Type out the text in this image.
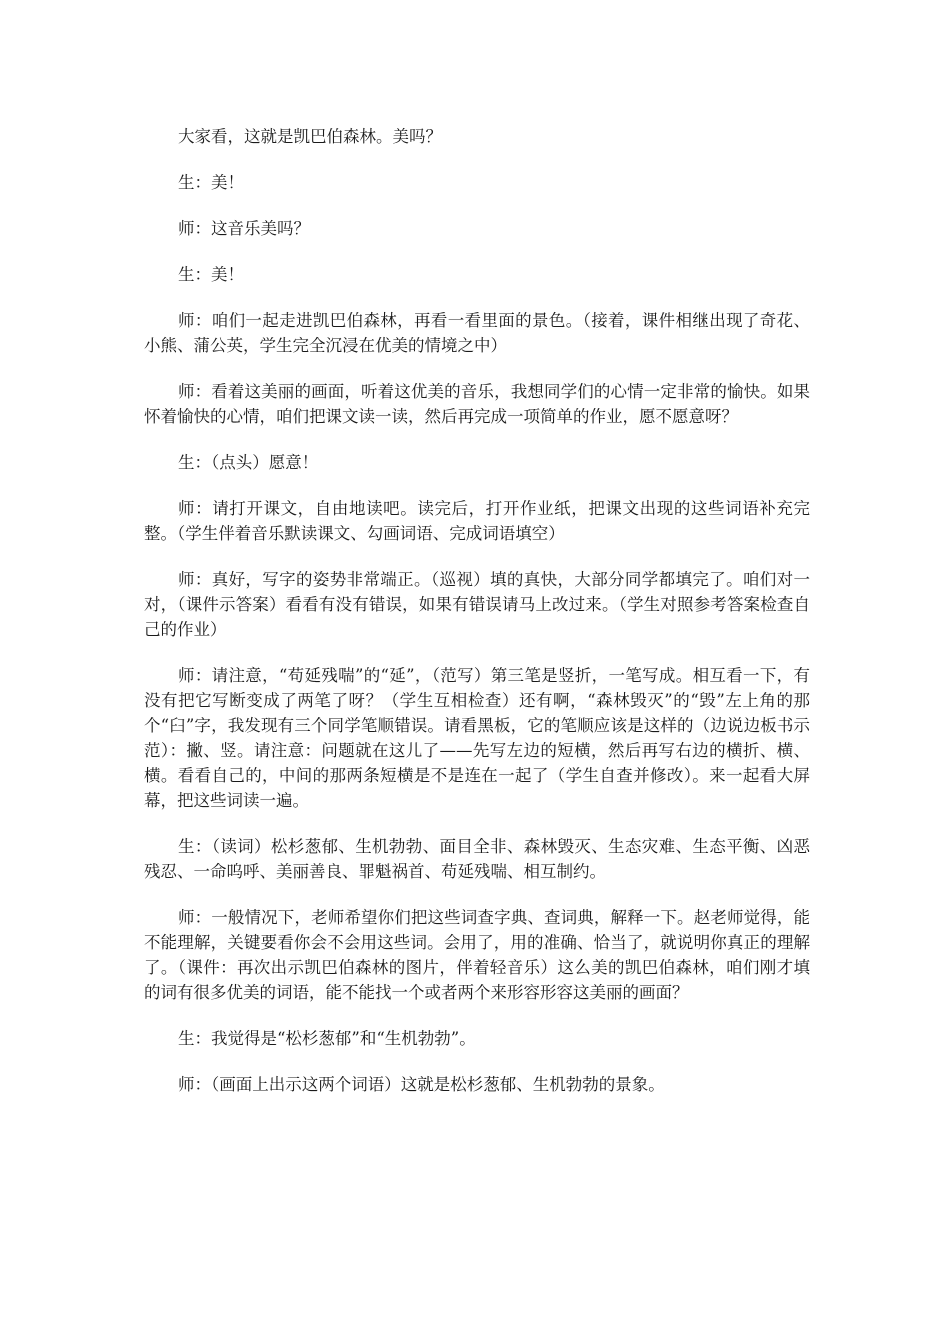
大家看，这就是凯巴伯森林。美吗？

生：美！

师：这音乐美吗？

生：美！

师：咱们一起走进凯巴伯森林，再看一看里面的景色。（接着，课件相继出现了奇花、小熊、蒲公英，学生完全沉浸在优美的情境之中）

师：看着这美丽的画面，听着这优美的音乐，我想同学们的心情一定非常的愉快。如果怀着愉快的心情，咱们把课文读一读，然后再完成一项简单的作业，愿不愿意呀？

生：（点头）愿意！

师：请打开课文，自由地读吧。读完后，打开作业纸，把课文出现的这些词语补充完整。（学生伴着音乐默读课文、勾画词语、完成词语填空）

师：真好，写字的姿势非常端正。（巡视）填的真快，大部分同学都填完了。咱们对一对，（课件示答案）看看有没有错误，如果有错误请马上改过来。（学生对照参考答案检查自己的作业）

师：请注意，“苟延残喘”的“延”，（范写）第三笔是竖折，一笔写成。相互看一下，有没有把它写断变成了两笔了呀？（学生互相检查）还有啊，“森林毁灭”的“毁”左上角的那个“臼”字，我发现有三个同学笔顺错误。请看黑板，它的笔顺应该是这样的（边说边板书示范）：撇、竖。请注意：问题就在这儿了——先写左边的短横，然后再写右边的横折、横、横。看看自己的，中间的那两条短横是不是连在一起了（学生自查并修改）。来一起看大屏幕，把这些词读一遍。

生：（读词）松杉葱郁、生机勃勃、面目全非、森林毁灭、生态灾难、生态平衡、凶恶残忍、一命呜呼、美丽善良、罪魁祸首、苟延残喘、相互制约。

师：一般情况下，老师希望你们把这些词查字典、查词典，解释一下。赵老师觉得，能不能理解，关键要看你会不会用这些词。会用了，用的准确、恰当了，就说明你真正的理解了。（课件：再次出示凯巴伯森林的图片，伴着轻音乐）这么美的凯巴伯森林，咱们刚才填的词有很多优美的词语，能不能找一个或者两个来形容形容这美丽的画面？

生：我觉得是“松杉葱郁”和“生机勃勃”。

师：（画面上出示这两个词语）这就是松杉葱郁、生机勃勃的景象。
